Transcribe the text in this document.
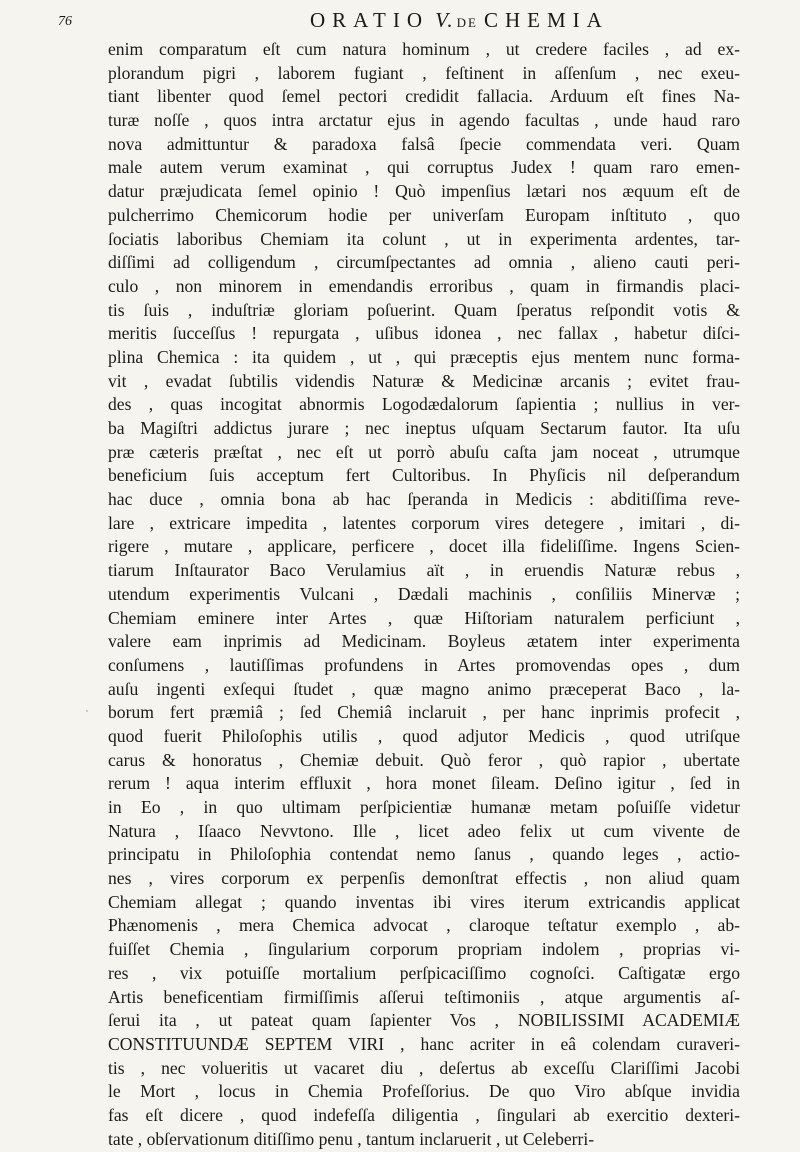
76	ORATIO V. DE CHEMIA
enim comparatum eſt cum natura hominum , ut credere faciles , ad ex-
plorandum pigri , laborem fugiant , feſtinent in aſſenſum , nec exeu-
tiant libenter quod ſemel pectori credidit fallacia. Arduum eſt fines Na-
turæ noſſe , quos intra arctatur ejus in agendo facultas , unde haud raro
nova admittuntur & paradoxa falsâ ſpecie commendata veri. Quam
male autem verum examinat , qui corruptus Judex ! quam raro emen-
datur præjudicata ſemel opinio ! Quò impenſius lætari nos æquum eſt de
pulcherrimo Chemicorum hodie per univerſam Europam inſtituto , quo
ſociatis laboribus Chemiam ita colunt , ut in experimenta ardentes, tar-
diſſimi ad colligendum , circumſpectantes ad omnia , alieno cauti peri-
culo , non minorem in emendandis erroribus , quam in firmandis placi-
tis ſuis , induſtriæ gloriam poſuerint. Quam ſperatus reſpondit votis &
meritis ſucceſſus ! repurgata , uſibus idonea , nec fallax , habetur diſci-
plina Chemica : ita quidem , ut , qui præceptis ejus mentem nunc forma-
vit , evadat ſubtilis videndis Naturæ & Medicinæ arcanis ; evitet frau-
des , quas incogitat abnormis Logodædalorum ſapientia ; nullius in ver-
ba Magiſtri addictus jurare ; nec ineptus uſquam Sectarum fautor. Ita uſu
præ cæteris præſtat , nec eſt ut porrò abuſu caſta jam noceat , utrumque
beneficium ſuis acceptum fert Cultoribus. In Phyſicis nil deſperandum
hac duce , omnia bona ab hac ſperanda in Medicis : abditiſſima reve-
lare , extricare impedita , latentes corporum vires detegere , imitari , di-
rigere , mutare , applicare, perficere , docet illa fideliſſime. Ingens Scien-
tiarum Inſtaurator Baco Verulamius aït , in eruendis Naturæ rebus ,
utendum experimentis Vulcani , Dædali machinis , conſiliis Minervæ ;
Chemiam eminere inter Artes , quæ Hiſtoriam naturalem perficiunt ,
valere eam inprimis ad Medicinam. Boyleus ætatem inter experimenta
conſumens , lautiſſimas profundens in Artes promovendas opes , dum
auſu ingenti exſequi ſtudet , quæ magno animo præceperat Baco , la-
borum fert præmiâ ; ſed Chemiâ inclaruit , per hanc inprimis profecit ,
quod fuerit Philoſophis utilis , quod adjutor Medicis , quod utriſque
carus & honoratus , Chemiæ debuit. Quò feror , quò rapior , ubertate
rerum ! aqua interim effluxit , hora monet ſileam. Deſino igitur , ſed in
in Eo , in quo ultimam perſpicientiæ humanæ metam poſuiſſe videtur
Natura , Iſaaco Nevvtono. Ille , licet adeo felix ut cum vivente de
principatu in Philoſophia contendat nemo ſanus , quando leges , actio-
nes , vires corporum ex perpenſis demonſtrat effectis , non aliud quam
Chemiam allegat ; quando inventas ibi vires iterum extricandis applicat
Phænomenis , mera Chemica advocat , claroque teſtatur exemplo , ab-
fuiſſet Chemia , ſingularium corporum propriam indolem , proprias vi-
res , vix potuiſſe mortalium perſpicaciſſimo cognoſci. Caſtigatæ ergo
Artis beneficentiam firmiſſimis aſſerui teſtimoniis , atque argumentis aſ-
ſerui ita , ut pateat quam ſapienter Vos , NOBILISSIMI ACADEMIÆ
CONSTITUUNDÆ SEPTEM VIRI , hanc acriter in eâ colendam curaveri-
tis , nec volueritis ut vacaret diu , deſertus ab exceſſu Clariſſimi Jacobi
le Mort , locus in Chemia Profeſſorius. De quo Viro abſque invidia
fas eſt dicere , quod indefeſſa diligentia , ſingulari ab exercitio dexteri-
tate , obſervationum ditiſſimo penu , tantum inclaruerit , ut Celeberri-
